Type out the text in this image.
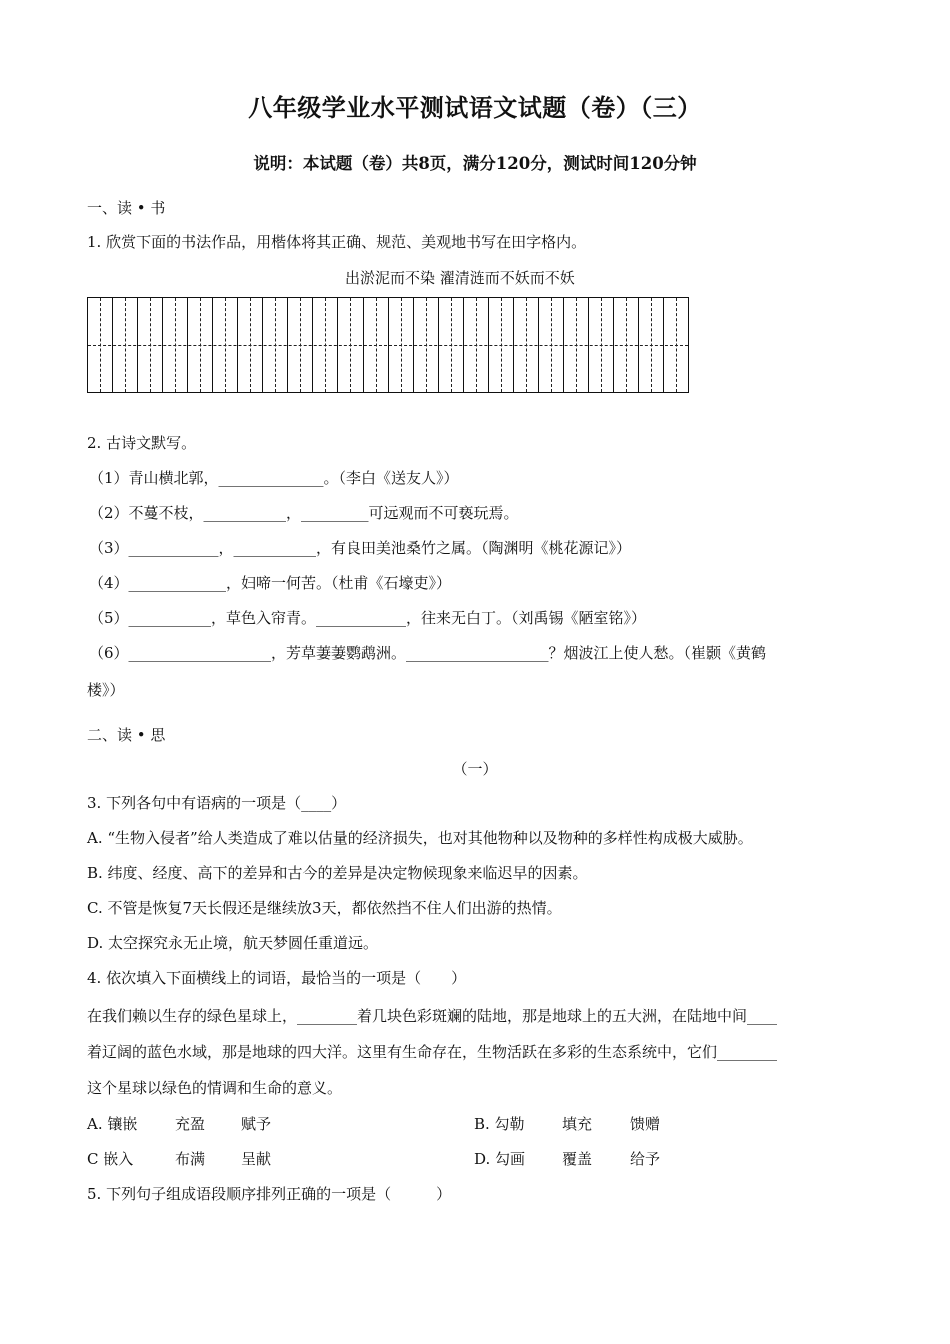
八年级学业水平测试语文试题（卷）（三）
说明：本试题（卷）共8页，满分120分，测试时间120分钟
一、读 • 书
1. 欣赏下面的书法作品，用楷体将其正确、规范、美观地书写在田字格内。
出淤泥而不染 濯清涟而不妖而不妖
2. 古诗文默写。
（1）青山横北郭，______________。（李白《送友人》）
（2）不蔓不枝，___________，_________可远观而不可亵玩焉。
（3）____________，___________，有良田美池桑竹之属。（陶渊明《桃花源记》）
（4）_____________，妇啼一何苦。（杜甫《石壕吏》）
（5）___________，草色入帘青。____________，往来无白丁。（刘禹锡《陋室铭》）
（6）___________________，芳草萋萋鹦鹉洲。___________________？烟波江上使人愁。（崔颢《黄鹤
楼》）
二、读 • 思
（一）
3. 下列各句中有语病的一项是（____）
A. “生物入侵者”给人类造成了难以估量的经济损失，也对其他物种以及物种的多样性构成极大威胁。
B. 纬度、经度、高下的差异和古今的差异是决定物候现象来临迟早的因素。
C. 不管是恢复7天长假还是继续放3天，都依然挡不住人们出游的热情。
D. 太空探究永无止境，航天梦圆任重道远。
4. 依次填入下面横线上的词语，最恰当的一项是（　　）
在我们赖以生存的绿色星球上，________着几块色彩斑斓的陆地，那是地球上的五大洲，在陆地中间____
着辽阔的蓝色水域，那是地球的四大洋。这里有生命存在，生物活跃在多彩的生态系统中，它们________
这个星球以绿色的情调和生命的意义。
A. 镶嵌	充盈 赋予	B. 勾勒 填充	馈赠
C 嵌入	布满 呈献	D. 勾画 覆盖	给予
5. 下列句子组成语段顺序排列正确的一项是（　　　）
